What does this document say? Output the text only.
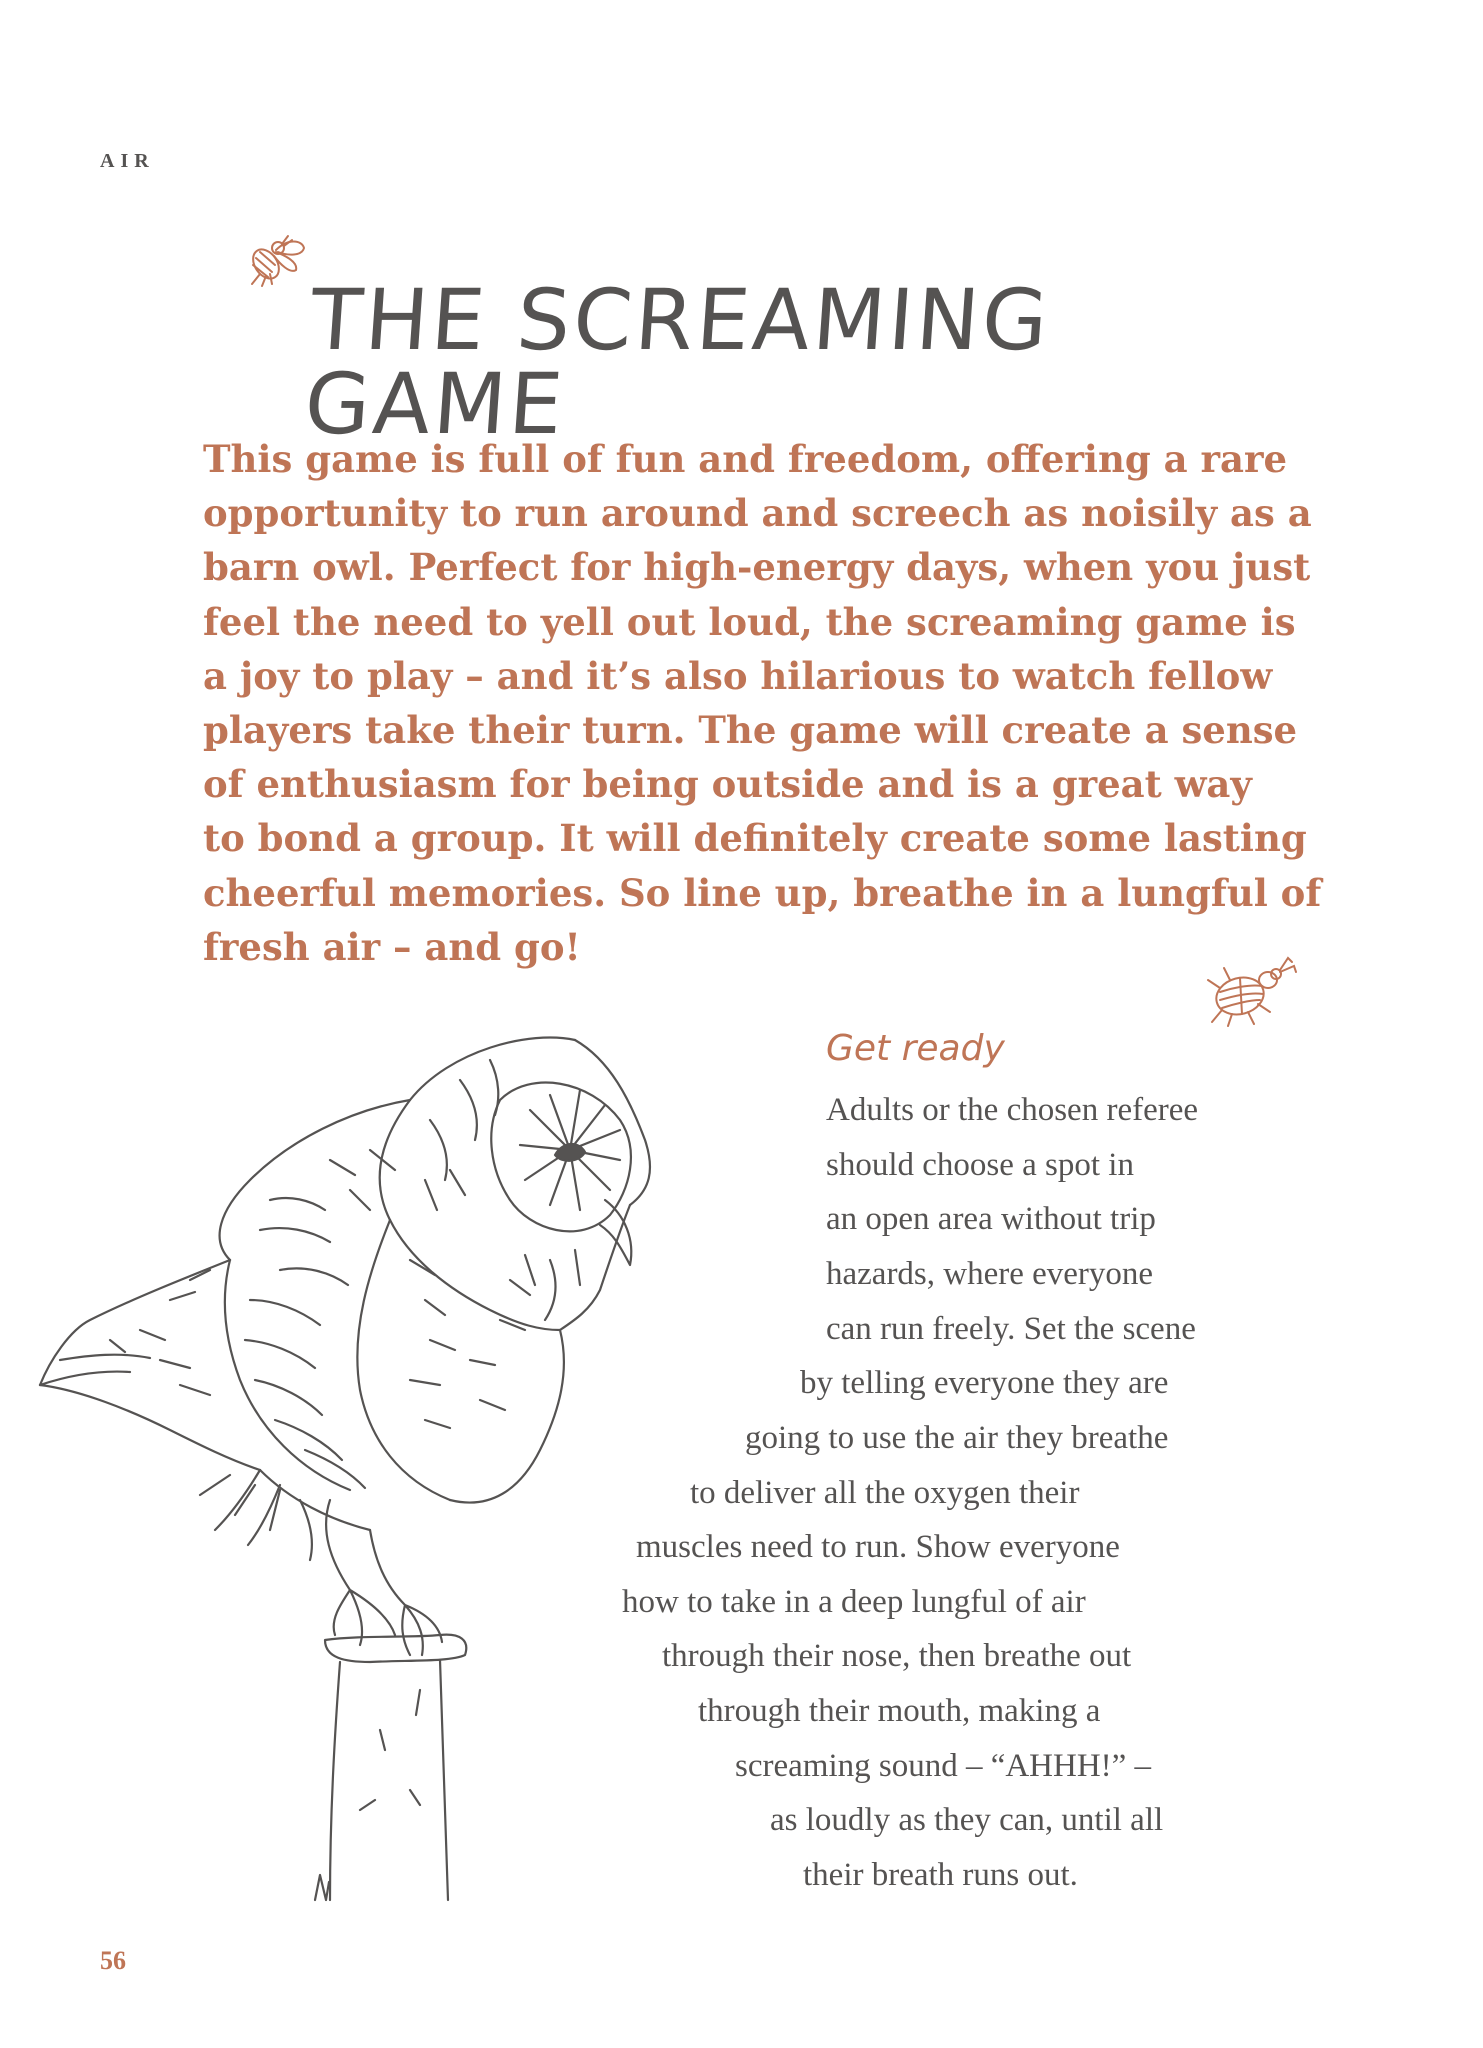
AIR
THE SCREAMING GAME
This game is full of fun and freedom, offering a rare
opportunity to run around and screech as noisily as a
barn owl. Perfect for high-energy days, when you just
feel the need to yell out loud, the screaming game is
a joy to play – and it’s also hilarious to watch fellow
players take their turn. The game will create a sense
of enthusiasm for being outside and is a great way
to bond a group. It will definitely create some lasting
cheerful memories. So line up, breathe in a lungful of
fresh air – and go!
Get ready
Adults or the chosen referee
should choose a spot in
an open area without trip
hazards, where everyone
can run freely. Set the scene
by telling everyone they are
going to use the air they breathe
to deliver all the oxygen their
muscles need to run. Show everyone
how to take in a deep lungful of air
through their nose, then breathe out
through their mouth, making a
screaming sound – “AHHH!” –
as loudly as they can, until all
their breath runs out.
56
